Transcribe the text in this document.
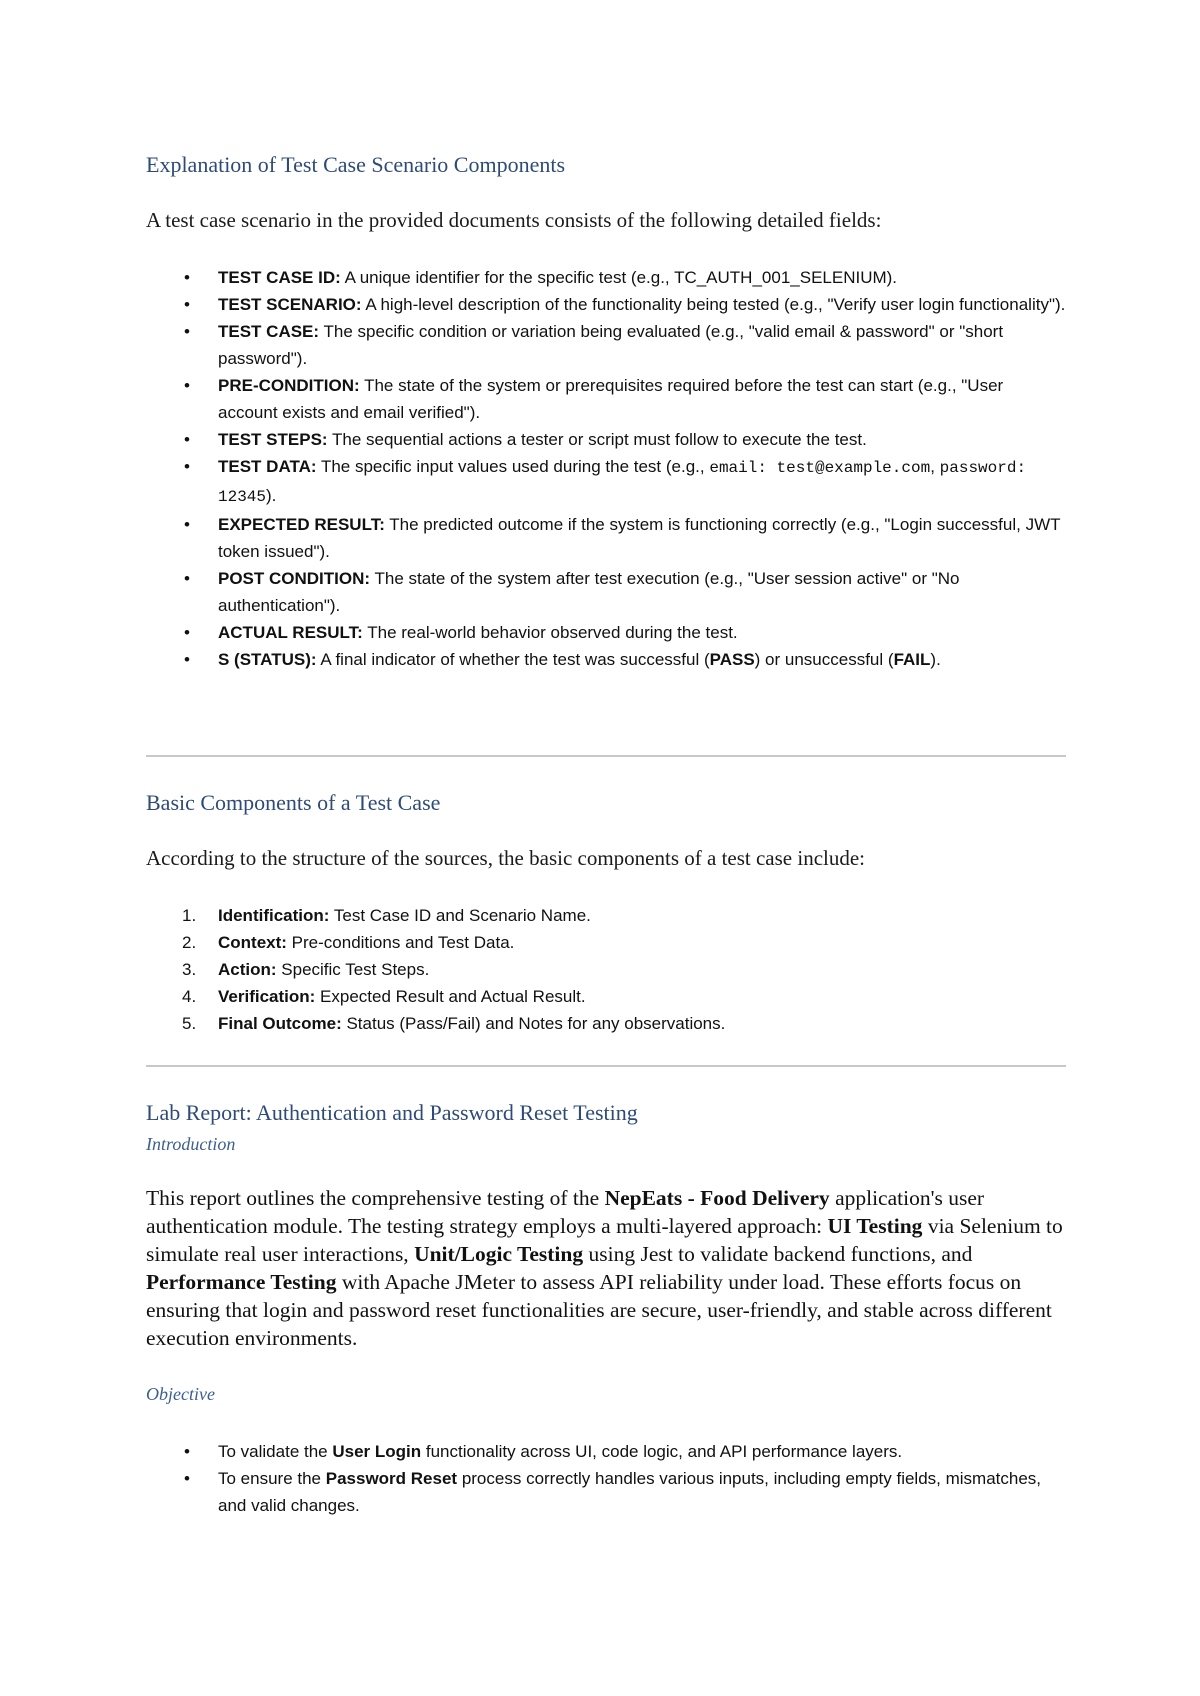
Explanation of Test Case Scenario Components

A test case scenario in the provided documents consists of the following detailed fields:

• TEST CASE ID: A unique identifier for the specific test (e.g., TC_AUTH_001_SELENIUM).
• TEST SCENARIO: A high-level description of the functionality being tested (e.g., "Verify user login functionality").
• TEST CASE: The specific condition or variation being evaluated (e.g., "valid email & password" or "short password").
• PRE-CONDITION: The state of the system or prerequisites required before the test can start (e.g., "User account exists and email verified").
• TEST STEPS: The sequential actions a tester or script must follow to execute the test.
• TEST DATA: The specific input values used during the test (e.g., email: test@example.com, password: 12345).
• EXPECTED RESULT: The predicted outcome if the system is functioning correctly (e.g., "Login successful, JWT token issued").
• POST CONDITION: The state of the system after test execution (e.g., "User session active" or "No authentication").
• ACTUAL RESULT: The real-world behavior observed during the test.
• S (STATUS): A final indicator of whether the test was successful (PASS) or unsuccessful (FAIL).
Basic Components of a Test Case

According to the structure of the sources, the basic components of a test case include:

1. Identification: Test Case ID and Scenario Name.
2. Context: Pre-conditions and Test Data.
3. Action: Specific Test Steps.
4. Verification: Expected Result and Actual Result.
5. Final Outcome: Status (Pass/Fail) and Notes for any observations.
Lab Report: Authentication and Password Reset Testing
Introduction

This report outlines the comprehensive testing of the NepEats - Food Delivery application's user authentication module. The testing strategy employs a multi-layered approach: UI Testing via Selenium to simulate real user interactions, Unit/Logic Testing using Jest to validate backend functions, and Performance Testing with Apache JMeter to assess API reliability under load. These efforts focus on ensuring that login and password reset functionalities are secure, user-friendly, and stable across different execution environments.

Objective
• To validate the User Login functionality across UI, code logic, and API performance layers.
• To ensure the Password Reset process correctly handles various inputs, including empty fields, mismatches, and valid changes.
